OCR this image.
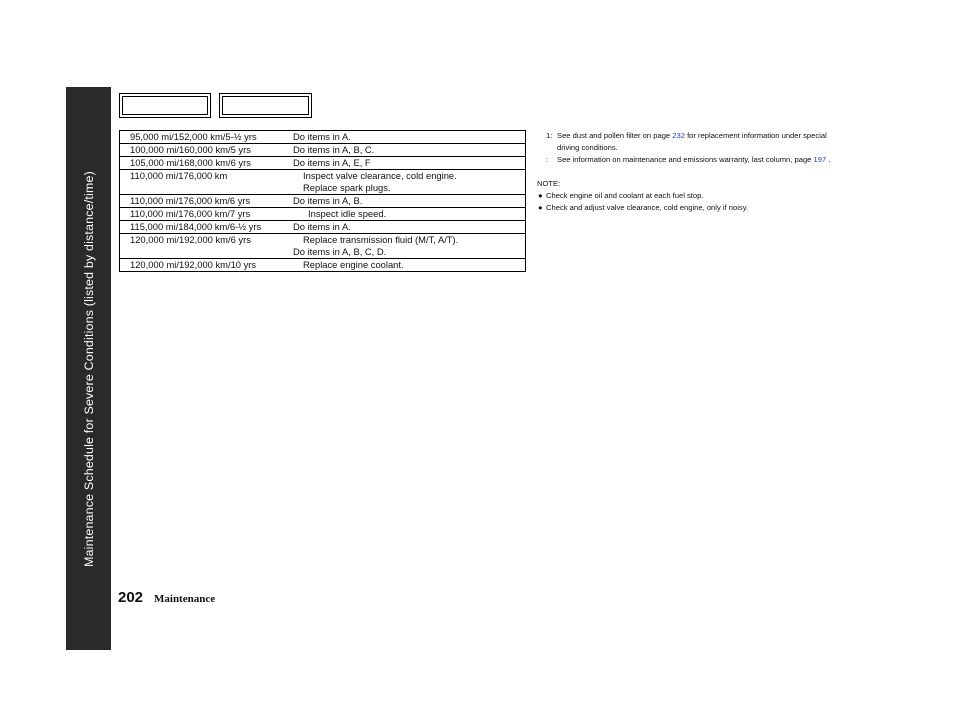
Maintenance Schedule for Severe Conditions (listed by distance/time)
95,000 mi/152,000 km/5-½ yrs	Do items in A.

100,000 mi/160,000 km/5 yrs	Do items in A, B, C.

105,000 mi/168,000 km/6 yrs	Do items in A, E, F

110,000 mi/176,000 km	Inspect valve clearance, cold engine.
Replace spark plugs.

110,000 mi/176,000 km/6 yrs	Do items in A, B.

110,000 mi/176,000 km/7 yrs	Inspect idle speed.

115,000 mi/184,000 km/6-½ yrs	Do items in A.

120,000 mi/192,000 km/6 yrs	Replace transmission fluid (M/T, A/T).
Do items in A, B, C, D.

120,000 mi/192,000 km/10 yrs	Replace engine coolant.
1: See dust and pollen filter on page 232 for replacement information under special driving conditions.
: See information on maintenance and emissions warranty, last column, page 197 .
NOTE:
● Check engine oil and coolant at each fuel stop.
● Check and adjust valve clearance, cold engine, only if noisy.
202 Maintenance
